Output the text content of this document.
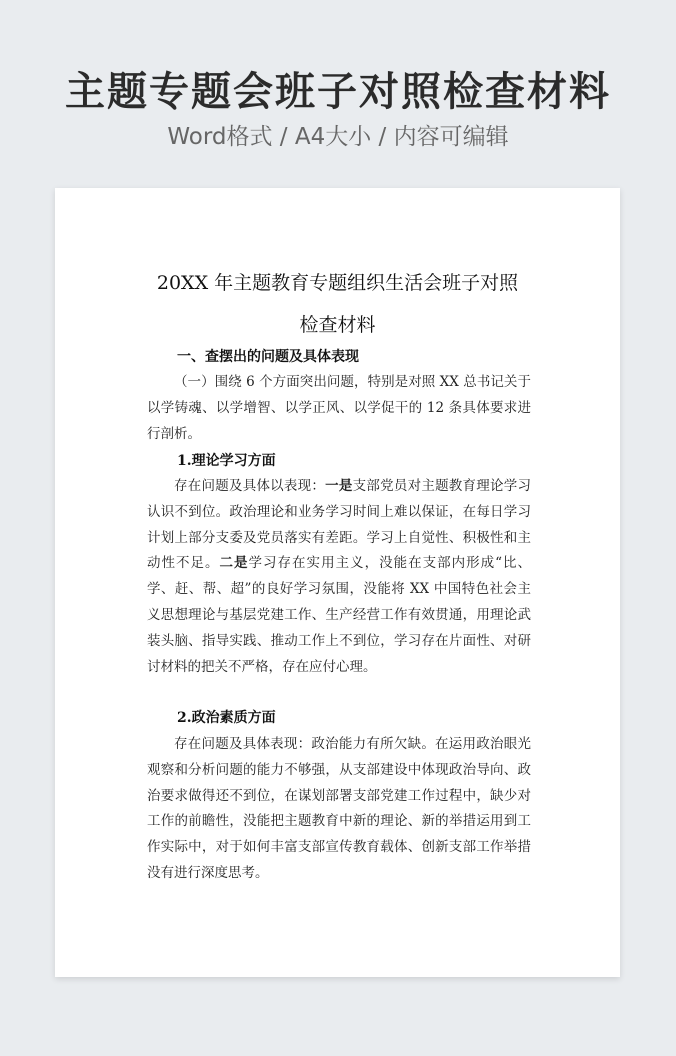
主题专题会班子对照检查材料
Word格式 / A4大小 / 内容可编辑
20XX 年主题教育专题组织生活会班子对照
检查材料
一、查摆出的问题及具体表现

（一）围绕 6 个方面突出问题，特别是对照 XX 总书记关于以学铸魂、以学增智、以学正风、以学促干的 12 条具体要求进行剖析。

1.理论学习方面

存在问题及具体以表现：一是支部党员对主题教育理论学习认识不到位。政治理论和业务学习时间上难以保证，在每日学习计划上部分支委及党员落实有差距。学习上自觉性、积极性和主动性不足。二是学习存在实用主义，没能在支部内形成“比、学、赶、帮、超”的良好学习氛围，没能将 XX 中国特色社会主义思想理论与基层党建工作、生产经营工作有效贯通，用理论武装头脑、指导实践、推动工作上不到位，学习存在片面性、对研讨材料的把关不严格，存在应付心理。

2.政治素质方面

存在问题及具体表现：政治能力有所欠缺。在运用政治眼光观察和分析问题的能力不够强，从支部建设中体现政治导向、政治要求做得还不到位，在谋划部署支部党建工作过程中，缺少对工作的前瞻性，没能把主题教育中新的理论、新的举措运用到工作实际中，对于如何丰富支部宣传教育载体、创新支部工作举措没有进行深度思考。
